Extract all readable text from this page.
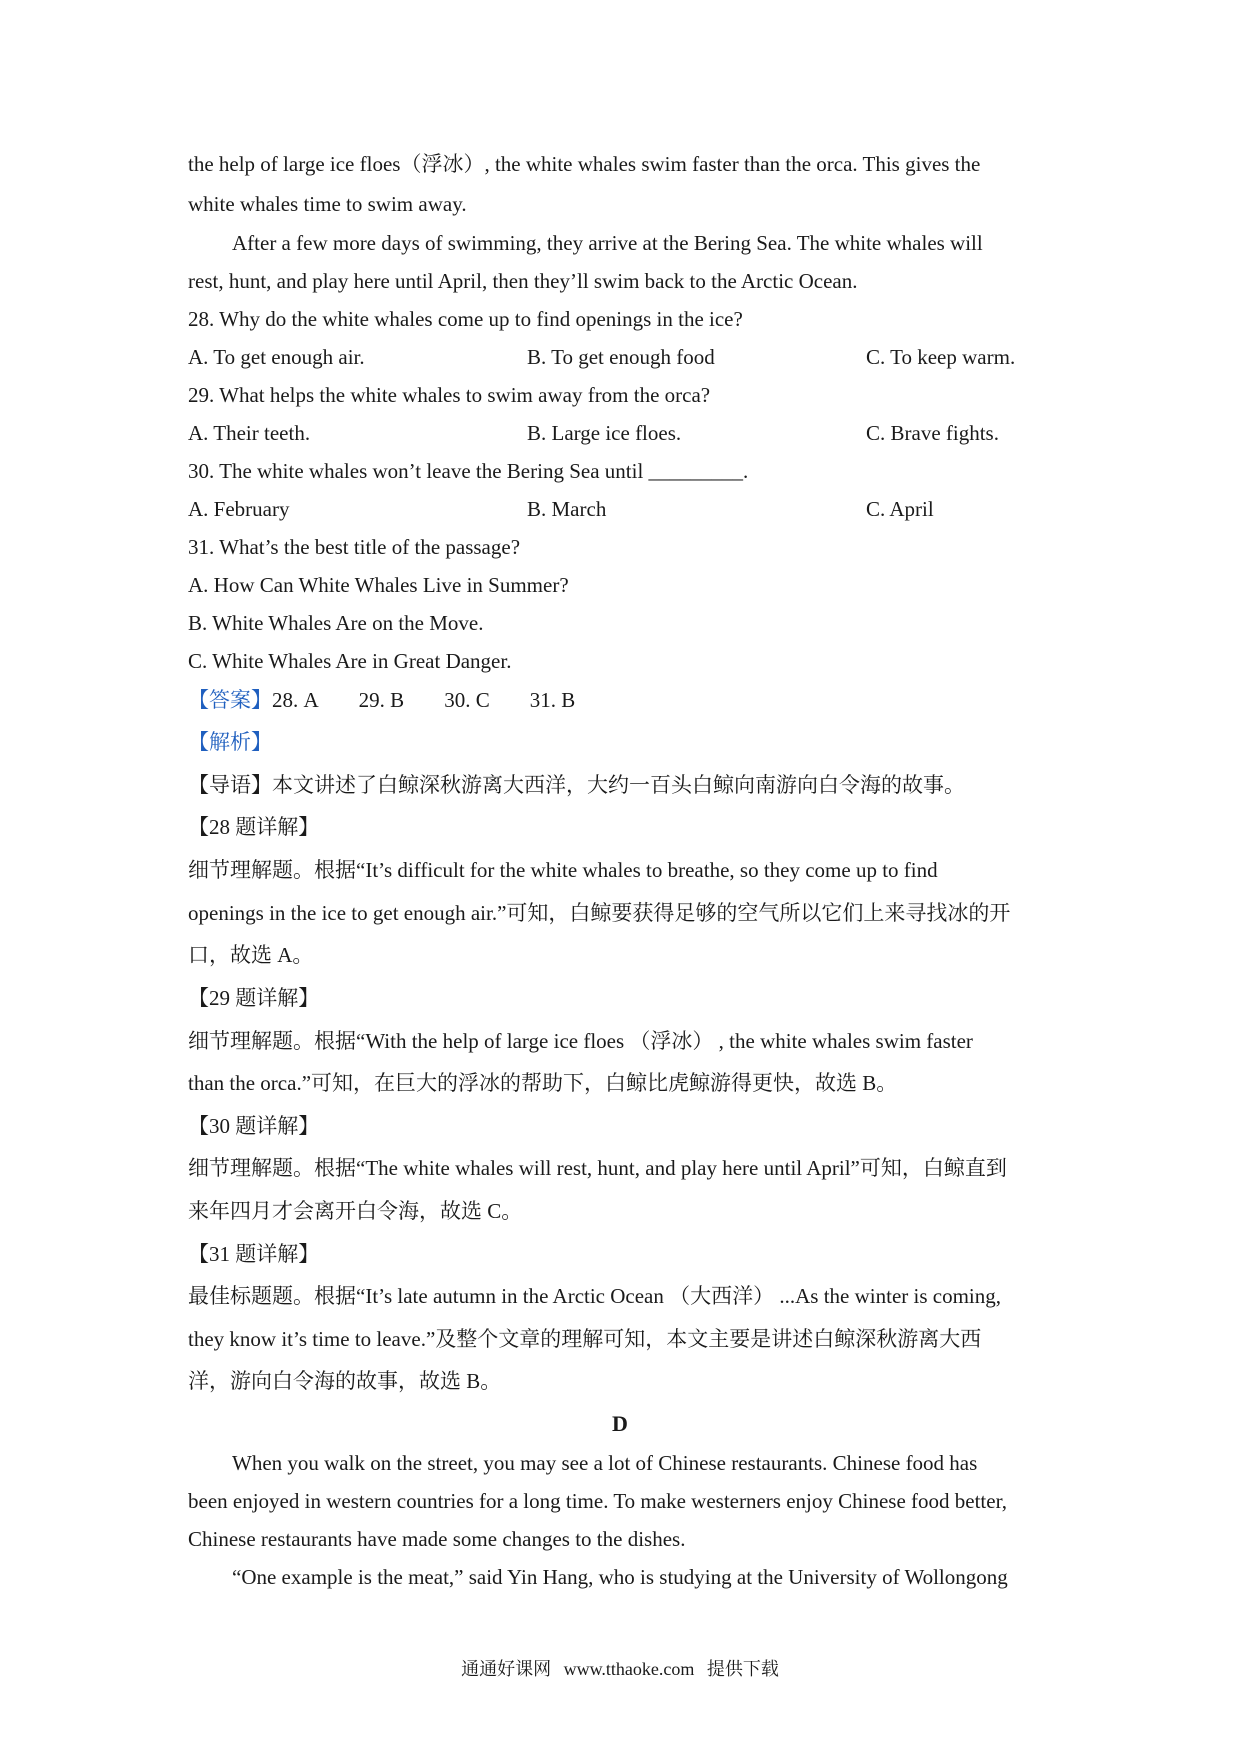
the help of large ice floes（浮冰）, the white whales swim faster than the orca. This gives the
white whales time to swim away.
After a few more days of swimming, they arrive at the Bering Sea. The white whales will
rest, hunt, and play here until April, then they’ll swim back to the Arctic Ocean.
28. Why do the white whales come up to find openings in the ice?
A. To get enough air.	B. To get enough food	C. To keep warm.
29. What helps the white whales to swim away from the orca?
A. Their teeth.	B. Large ice floes.	C. Brave fights.
30. The white whales won’t leave the Bering Sea until _________.
A. February	B. March	C. April
31. What’s the best title of the passage?
A. How Can White Whales Live in Summer?
B. White Whales Are on the Move.
C. White Whales Are in Great Danger.
【答案】28. A 29. B 30. C 31. B
【解析】
【导语】本文讲述了白鲸深秋游离大西洋，大约一百头白鲸向南游向白令海的故事。
【28 题详解】
细节理解题。根据“It’s difficult for the white whales to breathe, so they come up to find
openings in the ice to get enough air.”可知，白鲸要获得足够的空气所以它们上来寻找冰的开
口，故选 A。
【29 题详解】
细节理解题。根据“With the help of large ice floes （浮冰） , the white whales swim faster
than the orca.”可知，在巨大的浮冰的帮助下，白鲸比虎鲸游得更快，故选 B。
【30 题详解】
细节理解题。根据“The white whales will rest, hunt, and play here until April”可知，白鲸直到
来年四月才会离开白令海，故选 C。
【31 题详解】
最佳标题题。根据“It’s late autumn in the Arctic Ocean （大西洋） ...As the winter is coming,
they know it’s time to leave.”及整个文章的理解可知，本文主要是讲述白鲸深秋游离大西
洋，游向白令海的故事，故选 B。
D
When you walk on the street, you may see a lot of Chinese restaurants. Chinese food has
been enjoyed in western countries for a long time. To make westerners enjoy Chinese food better,
Chinese restaurants have made some changes to the dishes.
“One example is the meat,” said Yin Hang, who is studying at the University of Wollongong
通通好课网 www.tthaoke.com 提供下载
